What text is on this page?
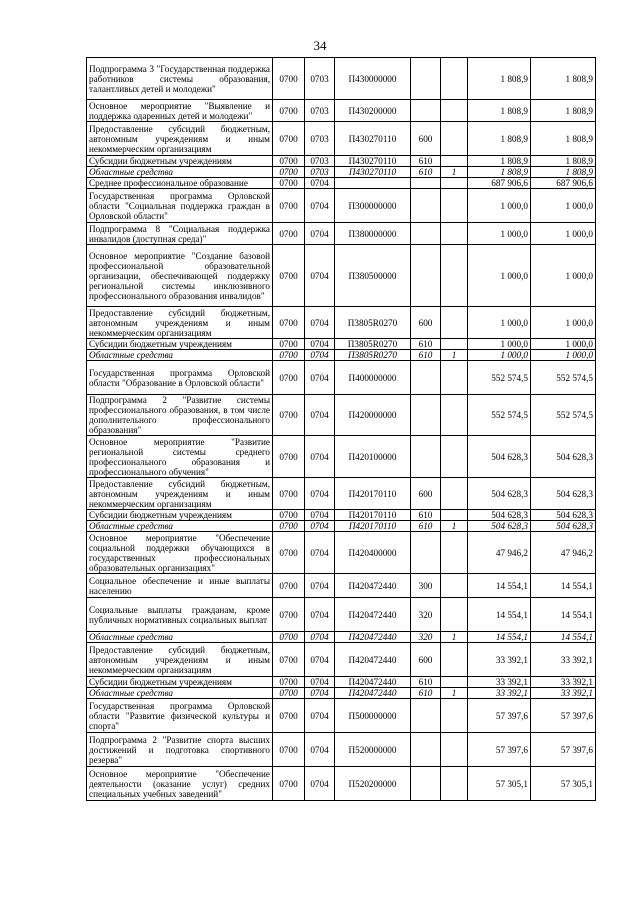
34
Подпрограмма 3 "Государственная поддержка работников системы образования, талантливых детей и молодежи"	0700	0703	П430000000			1 808,9	1 808,9
Основное мероприятие "Выявление и поддержка одаренных детей и молодежи"	0700	0703	П430200000			1 808,9	1 808,9
Предоставление субсидий бюджетным, автономным учреждениям и иным некоммерческим организациям	0700	0703	П430270110	600		1 808,9	1 808,9
Субсидии бюджетным учреждениям	0700	0703	П430270110	610		1 808,9	1 808,9
Областные средства	0700	0703	П430270110	610	1	1 808,9	1 808,9
Среднее профессиональное образование	0700	0704				687 906,6	687 906,6
Государственная программа Орловской области "Социальная поддержка граждан в Орловской области"	0700	0704	П300000000			1 000,0	1 000,0
Подпрограмма 8 "Социальная поддержка инвалидов (доступная среда)"	0700	0704	П380000000			1 000,0	1 000,0
Основное мероприятие "Создание базовой профессиональной образовательной организации, обеспечивающей поддержку региональной системы инклюзивного профессионального образования инвалидов"	0700	0704	П380500000			1 000,0	1 000,0
Предоставление субсидий бюджетным, автономным учреждениям и иным некоммерческим организациям	0700	0704	П3805R0270	600		1 000,0	1 000,0
Субсидии бюджетным учреждениям	0700	0704	П3805R0270	610		1 000,0	1 000,0
Областные средства	0700	0704	П3805R0270	610	1	1 000,0	1 000,0
Государственная программа Орловской области "Образование в Орловской области"	0700	0704	П400000000			552 574,5	552 574,5
Подпрограмма 2 "Развитие системы профессионального образования, в том числе дополнительного профессионального образования"	0700	0704	П420000000			552 574,5	552 574,5
Основное мероприятие "Развитие региональной системы среднего профессионального образования и профессионального обучения"	0700	0704	П420100000			504 628,3	504 628,3
Предоставление субсидий бюджетным, автономным учреждениям и иным некоммерческим организациям	0700	0704	П420170110	600		504 628,3	504 628,3
Субсидии бюджетным учреждениям	0700	0704	П420170110	610		504 628,3	504 628,3
Областные средства	0700	0704	П420170110	610	1	504 628,3	504 628,3
Основное мероприятие "Обеспечение социальной поддержки обучающихся в государственных профессиональных образовательных организациях"	0700	0704	П420400000			47 946,2	47 946,2
Социальное обеспечение и иные выплаты населению	0700	0704	П420472440	300		14 554,1	14 554,1
Социальные выплаты гражданам, кроме публичных нормативных социальных выплат	0700	0704	П420472440	320		14 554,1	14 554,1
Областные средства	0700	0704	П420472440	320	1	14 554,1	14 554,1
Предоставление субсидий бюджетным, автономным учреждениям и иным некоммерческим организациям	0700	0704	П420472440	600		33 392,1	33 392,1
Субсидии бюджетным учреждениям	0700	0704	П420472440	610		33 392,1	33 392,1
Областные средства	0700	0704	П420472440	610	1	33 392,1	33 392,1
Государственная программа Орловской области "Развитие физической культуры и спорта"	0700	0704	П500000000			57 397,6	57 397,6
Подпрограмма 2 "Развитие спорта высших достижений и подготовка спортивного резерва"	0700	0704	П520000000			57 397,6	57 397,6
Основное мероприятие "Обеспечение деятельности (оказание услуг) средних специальных учебных заведений"	0700	0704	П520200000			57 305,1	57 305,1
